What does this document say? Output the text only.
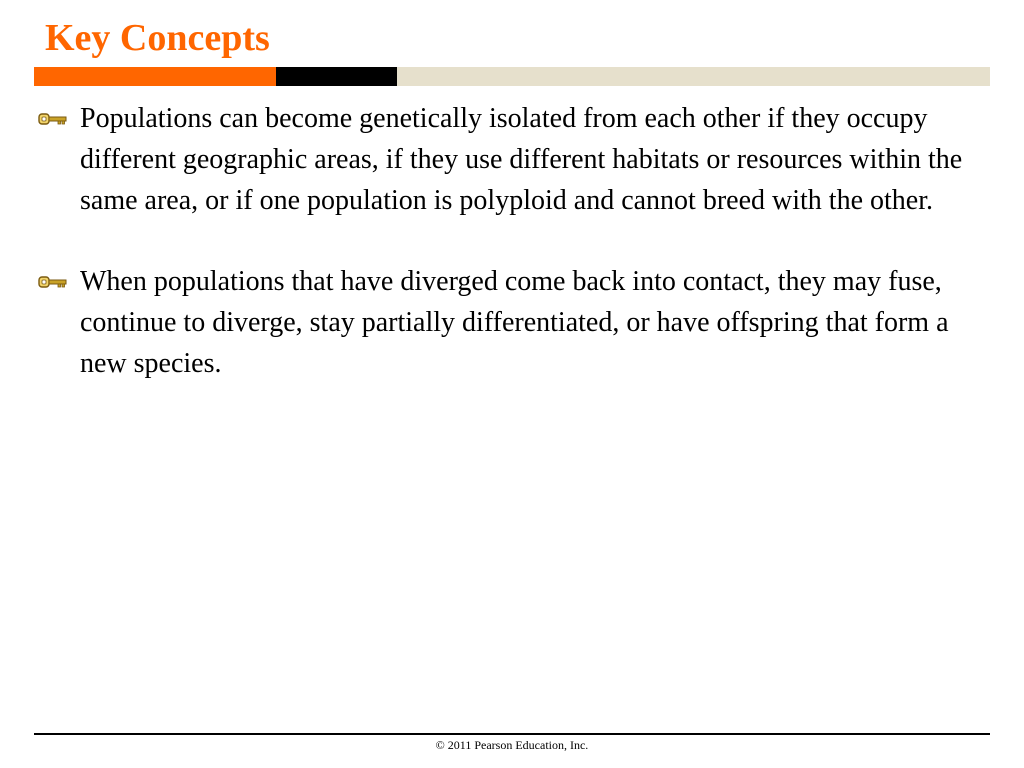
Key Concepts
Populations can become genetically isolated from each other if they occupy different geographic areas, if they use different habitats or resources within the same area, or if one population is polyploid and cannot breed with the other.
When populations that have diverged come back into contact, they may fuse, continue to diverge, stay partially differentiated, or have offspring that form a new species.
© 2011 Pearson Education, Inc.
